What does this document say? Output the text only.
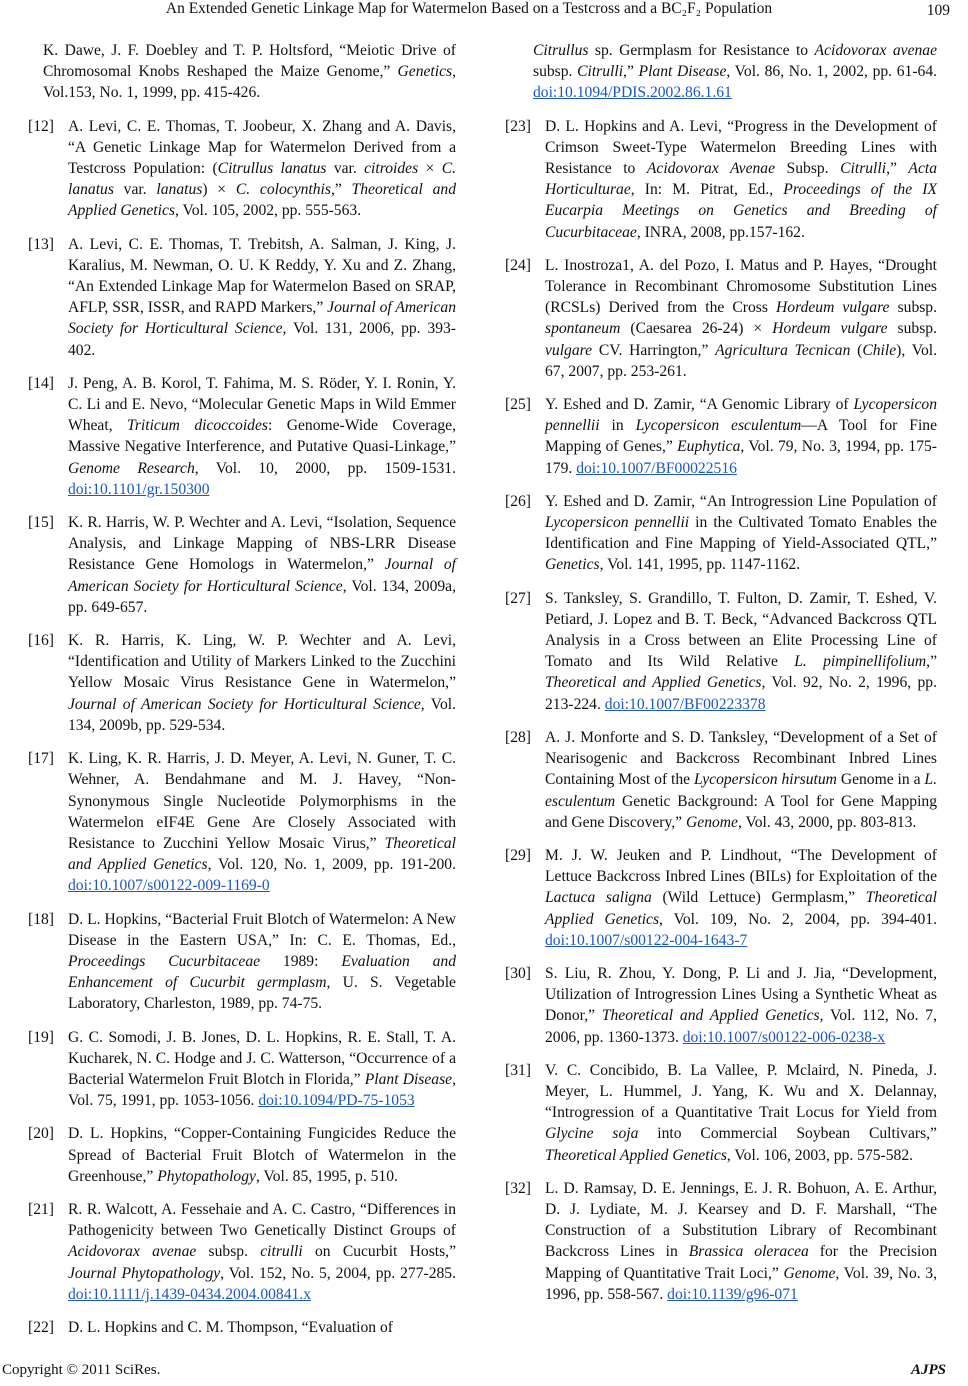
An Extended Genetic Linkage Map for Watermelon Based on a Testcross and a BC₂F₂ Population	109
K. Dawe, J. F. Doebley and T. P. Holtsford, “Meiotic Drive of Chromosomal Knobs Reshaped the Maize Genome,” Genetics, Vol.153, No. 1, 1999, pp. 415-426.
[12] A. Levi, C. E. Thomas, T. Joobeur, X. Zhang and A. Davis, “A Genetic Linkage Map for Watermelon Derived from a Testcross Population: (Citrullus lanatus var. citroides × C. lanatus var. lanatus) × C. colocynthis,” Theoretical and Applied Genetics, Vol. 105, 2002, pp. 555-563.
[13] A. Levi, C. E. Thomas, T. Trebitsh, A. Salman, J. King, J. Karalius, M. Newman, O. U. K Reddy, Y. Xu and Z. Zhang, “An Extended Linkage Map for Watermelon Based on SRAP, AFLP, SSR, ISSR, and RAPD Markers,” Journal of American Society for Horticultural Science, Vol. 131, 2006, pp. 393-402.
[14] J. Peng, A. B. Korol, T. Fahima, M. S. Röder, Y. I. Ronin, Y. C. Li and E. Nevo, “Molecular Genetic Maps in Wild Emmer Wheat, Triticum dicoccoides: Genome-Wide Coverage, Massive Negative Interference, and Putative Quasi-Linkage,” Genome Research, Vol. 10, 2000, pp. 1509-1531. doi:10.1101/gr.150300
[15] K. R. Harris, W. P. Wechter and A. Levi, “Isolation, Sequence Analysis, and Linkage Mapping of NBS-LRR Disease Resistance Gene Homologs in Watermelon,” Journal of American Society for Horticultural Science, Vol. 134, 2009a, pp. 649-657.
[16] K. R. Harris, K. Ling, W. P. Wechter and A. Levi, “Identification and Utility of Markers Linked to the Zucchini Yellow Mosaic Virus Resistance Gene in Watermelon,” Journal of American Society for Horticultural Science, Vol. 134, 2009b, pp. 529-534.
[17] K. Ling, K. R. Harris, J. D. Meyer, A. Levi, N. Guner, T. C. Wehner, A. Bendahmane and M. J. Havey, “Non-Synonymous Single Nucleotide Polymorphisms in the Watermelon eIF4E Gene Are Closely Associated with Resistance to Zucchini Yellow Mosaic Virus,” Theoretical and Applied Genetics, Vol. 120, No. 1, 2009, pp. 191-200. doi:10.1007/s00122-009-1169-0
[18] D. L. Hopkins, “Bacterial Fruit Blotch of Watermelon: A New Disease in the Eastern USA,” In: C. E. Thomas, Ed., Proceedings Cucurbitaceae 1989: Evaluation and Enhancement of Cucurbit germplasm, U. S. Vegetable Laboratory, Charleston, 1989, pp. 74-75.
[19] G. C. Somodi, J. B. Jones, D. L. Hopkins, R. E. Stall, T. A. Kucharek, N. C. Hodge and J. C. Watterson, “Occurrence of a Bacterial Watermelon Fruit Blotch in Florida,” Plant Disease, Vol. 75, 1991, pp. 1053-1056. doi:10.1094/PD-75-1053
[20] D. L. Hopkins, “Copper-Containing Fungicides Reduce the Spread of Bacterial Fruit Blotch of Watermelon in the Greenhouse,” Phytopathology, Vol. 85, 1995, p. 510.
[21] R. R. Walcott, A. Fessehaie and A. C. Castro, “Differences in Pathogenicity between Two Genetically Distinct Groups of Acidovorax avenae subsp. citrulli on Cucurbit Hosts,” Journal Phytopathology, Vol. 152, No. 5, 2004, pp. 277-285. doi:10.1111/j.1439-0434.2004.00841.x
[22] D. L. Hopkins and C. M. Thompson, “Evaluation of
Citrullus sp. Germplasm for Resistance to Acidovorax avenae subsp. Citrulli,” Plant Disease, Vol. 86, No. 1, 2002, pp. 61-64. doi:10.1094/PDIS.2002.86.1.61
[23] D. L. Hopkins and A. Levi, “Progress in the Development of Crimson Sweet-Type Watermelon Breeding Lines with Resistance to Acidovorax Avenae Subsp. Citrulli,” Acta Horticulturae, In: M. Pitrat, Ed., Proceedings of the IX Eucarpia Meetings on Genetics and Breeding of Cucurbitaceae, INRA, 2008, pp.157-162.
[24] L. Inostroza1, A. del Pozo, I. Matus and P. Hayes, “Drought Tolerance in Recombinant Chromosome Substitution Lines (RCSLs) Derived from the Cross Hordeum vulgare subsp. spontaneum (Caesarea 26-24) × Hordeum vulgare subsp. vulgare CV. Harrington,” Agricultura Tecnican (Chile), Vol. 67, 2007, pp. 253-261.
[25] Y. Eshed and D. Zamir, “A Genomic Library of Lycopersicon pennellii in Lycopersicon esculentum—A Tool for Fine Mapping of Genes,” Euphytica, Vol. 79, No. 3, 1994, pp. 175-179. doi:10.1007/BF00022516
[26] Y. Eshed and D. Zamir, “An Introgression Line Population of Lycopersicon pennellii in the Cultivated Tomato Enables the Identification and Fine Mapping of Yield-Associated QTL,” Genetics, Vol. 141, 1995, pp. 1147-1162.
[27] S. Tanksley, S. Grandillo, T. Fulton, D. Zamir, T. Eshed, V. Petiard, J. Lopez and B. T. Beck, “Advanced Backcross QTL Analysis in a Cross between an Elite Processing Line of Tomato and Its Wild Relative L. pimpinellifolium,” Theoretical and Applied Genetics, Vol. 92, No. 2, 1996, pp. 213-224. doi:10.1007/BF00223378
[28] A. J. Monforte and S. D. Tanksley, “Development of a Set of Nearisogenic and Backcross Recombinant Inbred Lines Containing Most of the Lycopersicon hirsutum Genome in a L. esculentum Genetic Background: A Tool for Gene Mapping and Gene Discovery,” Genome, Vol. 43, 2000, pp. 803-813.
[29] M. J. W. Jeuken and P. Lindhout, “The Development of Lettuce Backcross Inbred Lines (BILs) for Exploitation of the Lactuca saligna (Wild Lettuce) Germplasm,” Theoretical Applied Genetics, Vol. 109, No. 2, 2004, pp. 394-401. doi:10.1007/s00122-004-1643-7
[30] S. Liu, R. Zhou, Y. Dong, P. Li and J. Jia, “Development, Utilization of Introgression Lines Using a Synthetic Wheat as Donor,” Theoretical and Applied Genetics, Vol. 112, No. 7, 2006, pp. 1360-1373. doi:10.1007/s00122-006-0238-x
[31] V. C. Concibido, B. La Vallee, P. Mclaird, N. Pineda, J. Meyer, L. Hummel, J. Yang, K. Wu and X. Delannay, “Introgression of a Quantitative Trait Locus for Yield from Glycine soja into Commercial Soybean Cultivars,” Theoretical Applied Genetics, Vol. 106, 2003, pp. 575-582.
[32] L. D. Ramsay, D. E. Jennings, E. J. R. Bohuon, A. E. Arthur, D. J. Lydiate, M. J. Kearsey and D. F. Marshall, “The Construction of a Substitution Library of Recombinant Backcross Lines in Brassica oleracea for the Precision Mapping of Quantitative Trait Loci,” Genome, Vol. 39, No. 3, 1996, pp. 558-567. doi:10.1139/g96-071
Copyright © 2011 SciRes.	AJPS
